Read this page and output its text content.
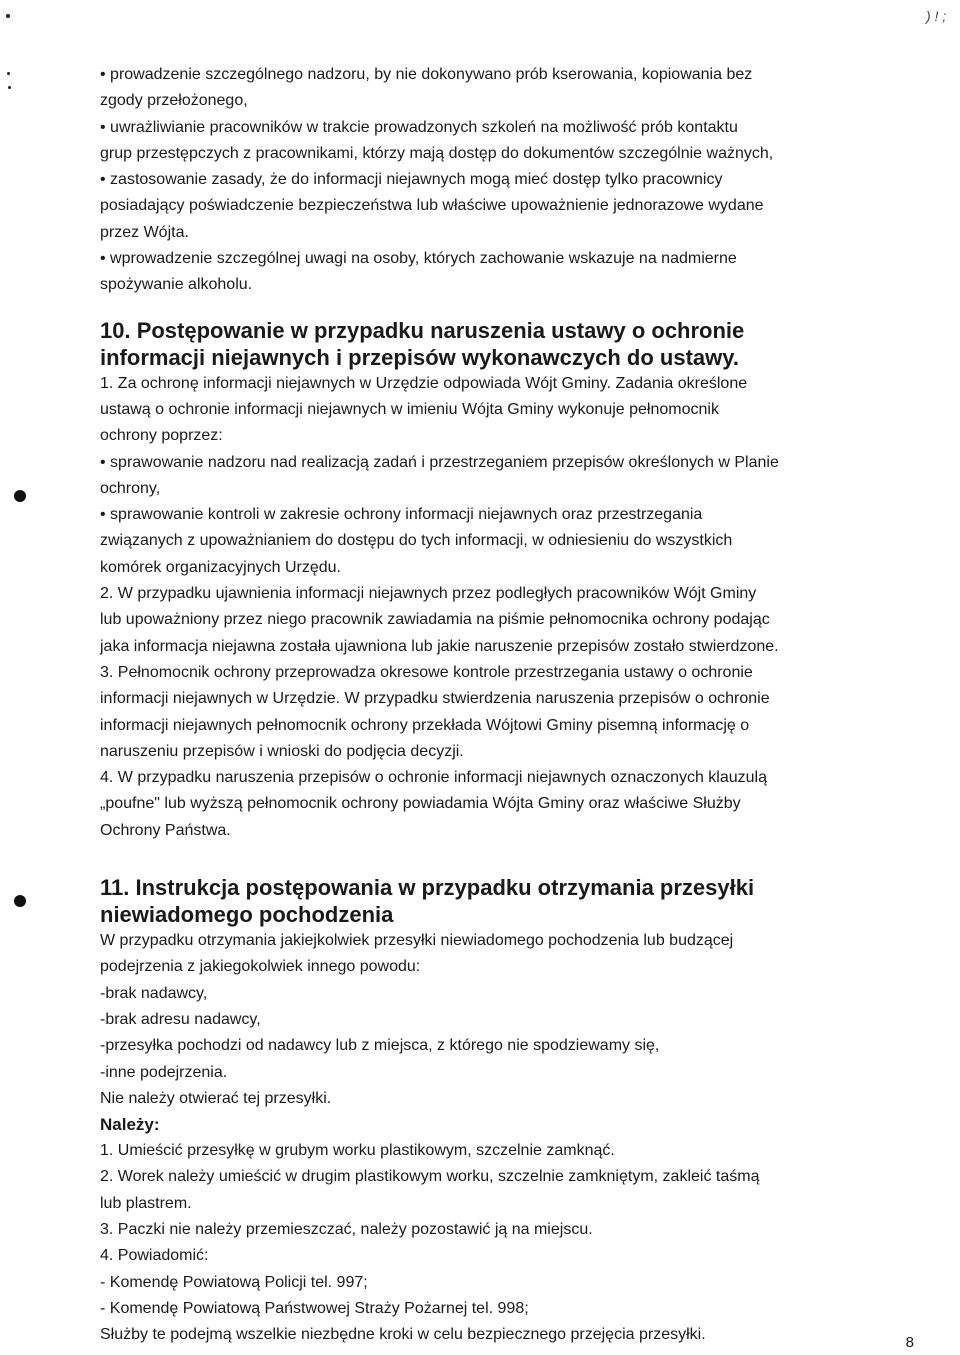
) ! ;

• prowadzenie szczególnego nadzoru, by nie dokonywano prób kserowania, kopiowania bez

zgody przełożonego,

• uwrażliwianie pracowników w trakcie prowadzonych szkoleń na możliwość prób kontaktu

grup przestępczych z pracownikami, którzy mają dostęp do dokumentów szczególnie ważnych,

• zastosowanie zasady, że do informacji niejawnych mogą mieć dostęp tylko pracownicy

posiadający poświadczenie bezpieczeństwa lub właściwe upoważnienie jednorazowe wydane

przez Wójta.

• wprowadzenie szczególnej uwagi na osoby, których zachowanie wskazuje na nadmierne

spożywanie alkoholu.

10. Postępowanie w przypadku naruszenia ustawy o ochronie

informacji niejawnych i przepisów wykonawczych do ustawy.

1. Za ochronę informacji niejawnych w Urzędzie odpowiada Wójt Gminy. Zadania określone

ustawą o ochronie informacji niejawnych w imieniu Wójta Gminy wykonuje pełnomocnik

ochrony poprzez:

• sprawowanie nadzoru nad realizacją zadań i przestrzeganiem przepisów określonych w Planie

ochrony,

• sprawowanie kontroli w zakresie ochrony informacji niejawnych oraz przestrzegania

związanych z upoważnianiem do dostępu do tych informacji, w odniesieniu do wszystkich

komórek organizacyjnych Urzędu.

2. W przypadku ujawnienia informacji niejawnych przez podległych pracowników Wójt Gminy

lub upoważniony przez niego pracownik zawiadamia na piśmie pełnomocnika ochrony podając

jaka informacja niejawna została ujawniona lub jakie naruszenie przepisów zostało stwierdzone.

3. Pełnomocnik ochrony przeprowadza okresowe kontrole przestrzegania ustawy o ochronie

informacji niejawnych w Urzędzie. W przypadku stwierdzenia naruszenia przepisów o ochronie

informacji niejawnych pełnomocnik ochrony przekłada Wójtowi Gminy pisemną informację o

naruszeniu przepisów i wnioski do podjęcia decyzji.

4. W przypadku naruszenia przepisów o ochronie informacji niejawnych oznaczonych klauzulą

„poufne" lub wyższą pełnomocnik ochrony powiadamia Wójta Gminy oraz właściwe Służby

Ochrony Państwa.

11. Instrukcja postępowania w przypadku otrzymania przesyłki

niewiadomego pochodzenia

W przypadku otrzymania jakiejkolwiek przesyłki niewiadomego pochodzenia lub budzącej

podejrzenia z jakiegokolwiek innego powodu:

-brak nadawcy,

-brak adresu nadawcy,

-przesyłka pochodzi od nadawcy lub z miejsca, z którego nie spodziewamy się,

-inne podejrzenia.

Nie należy otwierać tej przesyłki.

Należy:

1. Umieścić przesyłkę w grubym worku plastikowym, szczelnie zamknąć.

2. Worek należy umieścić w drugim plastikowym worku, szczelnie zamkniętym, zakleić taśmą

lub plastrem.

3. Paczki nie należy przemieszczać, należy pozostawić ją na miejscu.

4. Powiadomić:

- Komendę Powiatową Policji tel. 997;

- Komendę Powiatową Państwowej Straży Pożarnej tel. 998;

Służby te podejmą wszelkie niezbędne kroki w celu bezpiecznego przejęcia przesyłki.	8
